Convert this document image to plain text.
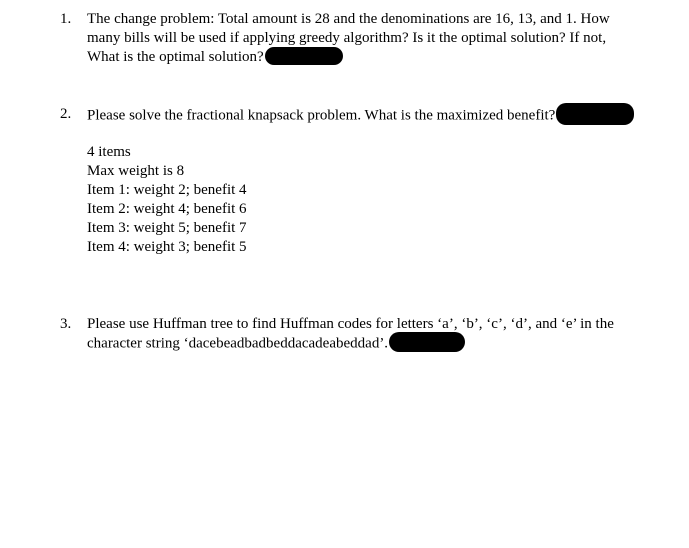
1.	The change problem: Total amount is 28 and the denominations are 16, 13, and 1. How
many bills will be used if applying greedy algorithm? Is it the optimal solution? If not,
What is the optimal solution?
2.	Please solve the fractional knapsack problem. What is the maximized benefit?
4 items
Max weight is 8
Item 1: weight 2; benefit 4
Item 2: weight 4; benefit 6
Item 3: weight 5; benefit 7
Item 4: weight 3; benefit 5
3.	Please use Huffman tree to find Huffman codes for letters ‘a’, ‘b’, ‘c’, ‘d’, and ‘e’ in the
character string ‘dacebeadbadbeddacadeabeddad’.
